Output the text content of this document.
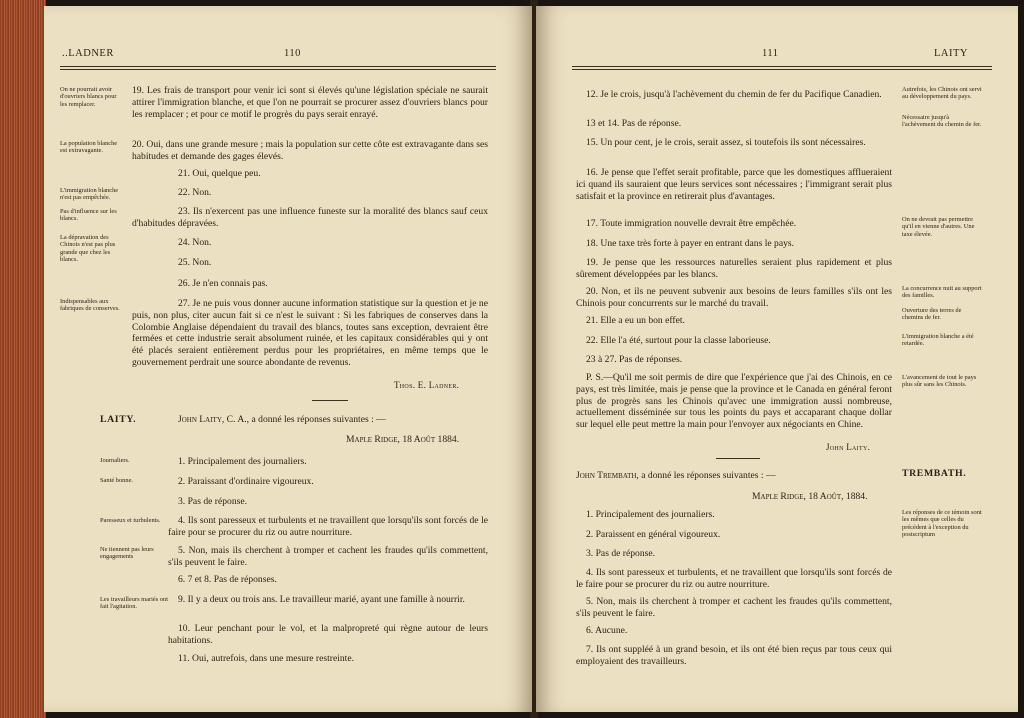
..LADNER	110
On ne pourrait avoir d'ouvriers blancs pour les remplacer.
La population blanche est extravagante.
L'immigration blanche n'est pas empêchée.
Pas d'influence sur les blancs.
La dépravation des Chinois n'est pas plus grande que chez les blancs.
Indispensables aux fabriques de conserves.
19. Les frais de transport pour venir ici sont si élevés qu'une législation spéciale ne saurait attirer l'immigration blanche, et que l'on ne pourrait se procurer assez d'ouvriers blancs pour les remplacer ; et pour ce motif le progrès du pays serait enrayé.
20. Oui, dans une grande mesure ; mais la population sur cette côte est extravagante dans ses habitudes et demande des gages élevés.
21. Oui, quelque peu.
22. Non.
23. Ils n'exercent pas une influence funeste sur la moralité des blancs sauf ceux d'habitudes dépravées.
24. Non.
25. Non.
26. Je n'en connais pas.
27. Je ne puis vous donner aucune information statistique sur la question et je ne puis, non plus, citer aucun fait si ce n'est le suivant : Si les fabriques de conserves dans la Colombie Anglaise dépendaient du travail des blancs, toutes sans exception, devraient être fermées et cette industrie serait absolument ruinée, et les capitaux considérables qui y ont été placés seraient entièrement perdus pour les propriétaires, en même temps que le gouvernement perdrait une source abondante de revenus.
Thos. E. Ladner.
LAITY.	John Laity, C. A., a donné les réponses suivantes : —
Maple Ridge, 18 Août 1884.
Journaliers.
Santé bonne.
Paresseux et turbulents.
Ne tiennent pas leurs engagements
Les travailleurs mariés ont fait l'agitation.
1. Principalement des journaliers.
2. Paraissant d'ordinaire vigoureux.
3. Pas de réponse.
4. Ils sont paresseux et turbulents et ne travaillent que lorsqu'ils sont forcés de le faire pour se procurer du riz ou autre nourriture.
5. Non, mais ils cherchent à tromper et cachent les fraudes qu'ils commettent, s'ils peuvent le faire.
6. 7 et 8. Pas de réponses.
9. Il y a deux ou trois ans. Le travailleur marié, ayant une famille à nourrir.
10. Leur penchant pour le vol, et la malpropreté qui règne autour de leurs habitations.
11. Oui, autrefois, dans une mesure restreinte.
111	LAITY
Autrefois, les Chinois ont servi au développement du pays.
Nécessaire jusqu'à l'achèvement du chemin de fer.
On ne devrait pas permettre qu'il en vienne d'autres. Une taxe élevée.
La concurrence nuit au support des familles.
Ouverture des terres de chemins de fer.
L'immigration blanche a été retardée.
L'avancement de tout le pays plus sûr sans les Chinois.
Les réponses de ce témoin sont les mêmes que celles du précédent à l'exception du postscriptum
12. Je le crois, jusqu'à l'achèvement du chemin de fer du Pacifique Canadien.
13 et 14. Pas de réponse.
15. Un pour cent, je le crois, serait assez, si toutefois ils sont nécessaires.
16. Je pense que l'effet serait profitable, parce que les domestiques afflueraient ici quand ils sauraient que leurs services sont nécessaires ; l'immigrant serait plus satisfait et la province en retirerait plus d'avantages.
17. Toute immigration nouvelle devrait être empêchée.
18. Une taxe très forte à payer en entrant dans le pays.
19. Je pense que les ressources naturelles seraient plus rapidement et plus sûrement développées par les blancs.
20. Non, et ils ne peuvent subvenir aux besoins de leurs familles s'ils ont les Chinois pour concurrents sur le marché du travail.
21. Elle a eu un bon effet.
22. Elle l'a été, surtout pour la classe laborieuse.
23 à 27. Pas de réponses.
P. S.—Qu'il me soit permis de dire que l'expérience que j'ai des Chinois, en ce pays, est très limitée, mais je pense que la province et le Canada en général feront plus de progrès sans les Chinois qu'avec une immigration aussi nombreuse, actuellement disséminée sur tous les points du pays et accaparant chaque dollar sur lequel elle peut mettre la main pour l'envoyer aux négociants en Chine.
John Laity.
John Trembath, a donné les réponses suivantes : —	TREMBATH.
Maple Ridge, 18 Août, 1884.
1. Principalement des journaliers.
2. Paraissent en général vigoureux.
3. Pas de réponse.
4. Ils sont paresseux et turbulents, et ne travaillent que lorsqu'ils sont forcés de le faire pour se procurer du riz ou autre nourriture.
5. Non, mais ils cherchent à tromper et cachent les fraudes qu'ils commettent, s'ils peuvent le faire.
6. Aucune.
7. Ils ont suppléé à un grand besoin, et ils ont été bien reçus par tous ceux qui employaient des travailleurs.
